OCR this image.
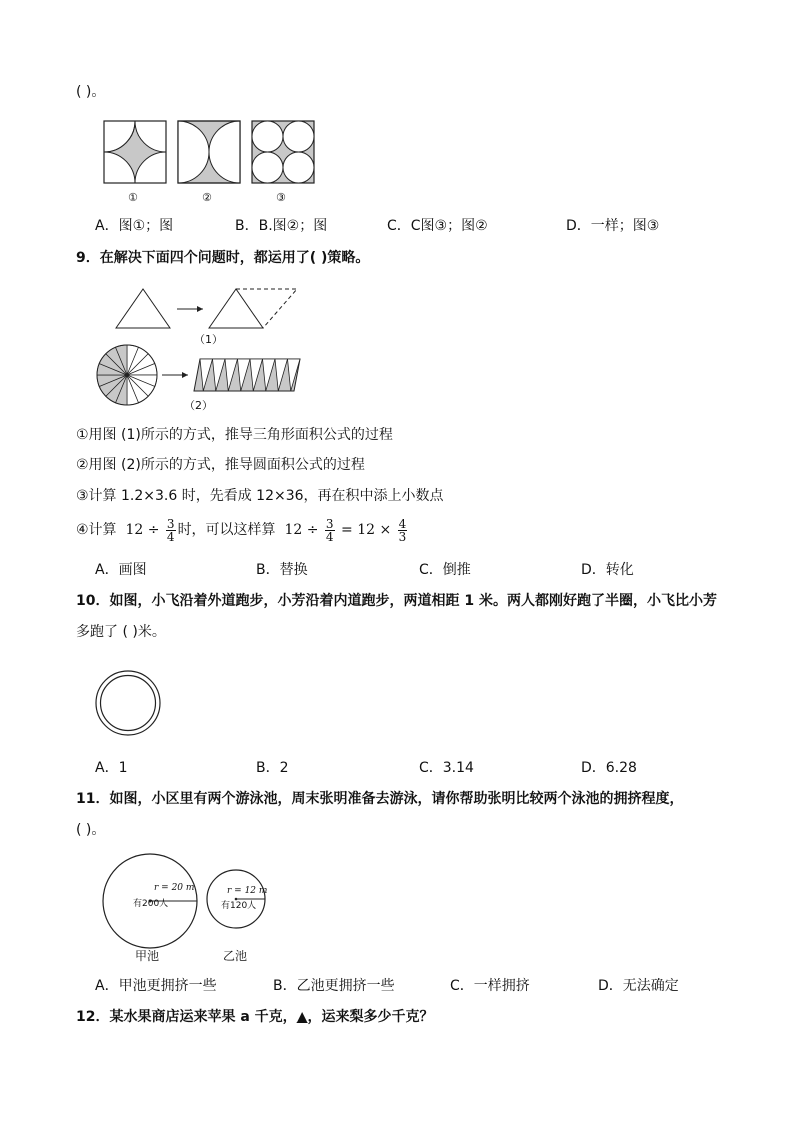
( )。
①	②	③
A．图①；图	B．B.图②；图	C．C图③；图②	D．一样；图③
9．在解决下面四个问题时，都运用了( )策略。
（1）
（2）
①用图 (1)所示的方式，推导三角形面积公式的过程
②用图 (2)所示的方式，推导圆面积公式的过程
③计算 1.2×3.6 时，先看成 12×36，再在积中添上小数点
④计算 $12 \div \frac{3}{4}$ 时，可以这样算 $12 \div \frac{3}{4} = 12 \times \frac{4}{3}$
A．画图	B．替换	C．倒推	D．转化
10．如图，小飞沿着外道跑步，小芳沿着内道跑步，两道相距 1 米。两人都刚好跑了半圈，小飞比小芳
多跑了 ( )米。
A．1	B．2	C．3.14	D．6.28
11．如图，小区里有两个游泳池，周末张明准备去游泳，请你帮助张明比较两个泳池的拥挤程度，
( )。
r = 20 m
有200人
甲池
r = 12 m
有120人
乙池
A．甲池更拥挤一些	B．乙池更拥挤一些	C．一样拥挤	D．无法确定
12．某水果商店运来苹果 a 千克，▲，运来梨多少千克？
